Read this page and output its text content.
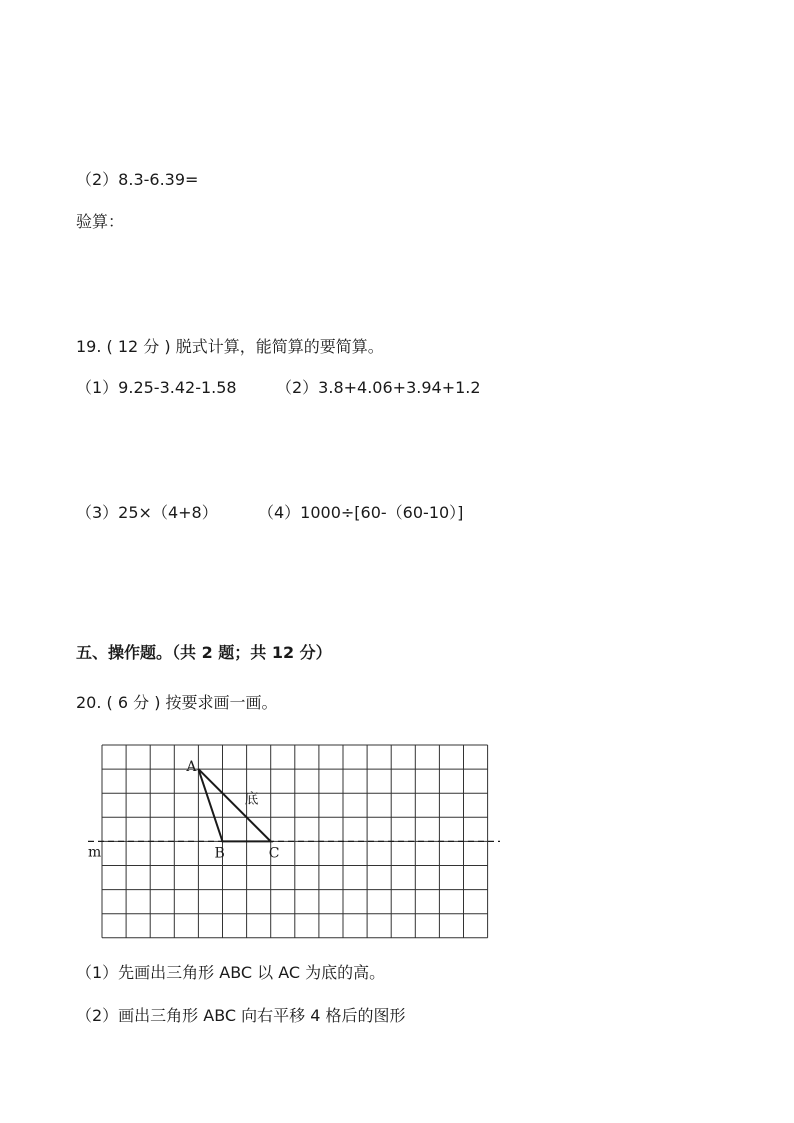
（2）8.3-6.39=
验算：
19. ( 12 分 ) 脱式计算，能简算的要简算。
（1）9.25-3.42-1.58 （2）3.8+4.06+3.94+1.2
（3）25×（4+8）	（4）1000÷[60-（60-10）]
五、操作题。（共 2 题；共 12 分）
20. ( 6 分 ) 按要求画一画。
m
A
B	C
底
（1）先画出三角形 ABC 以 AC 为底的高。
（2）画出三角形 ABC 向右平移 4 格后的图形
